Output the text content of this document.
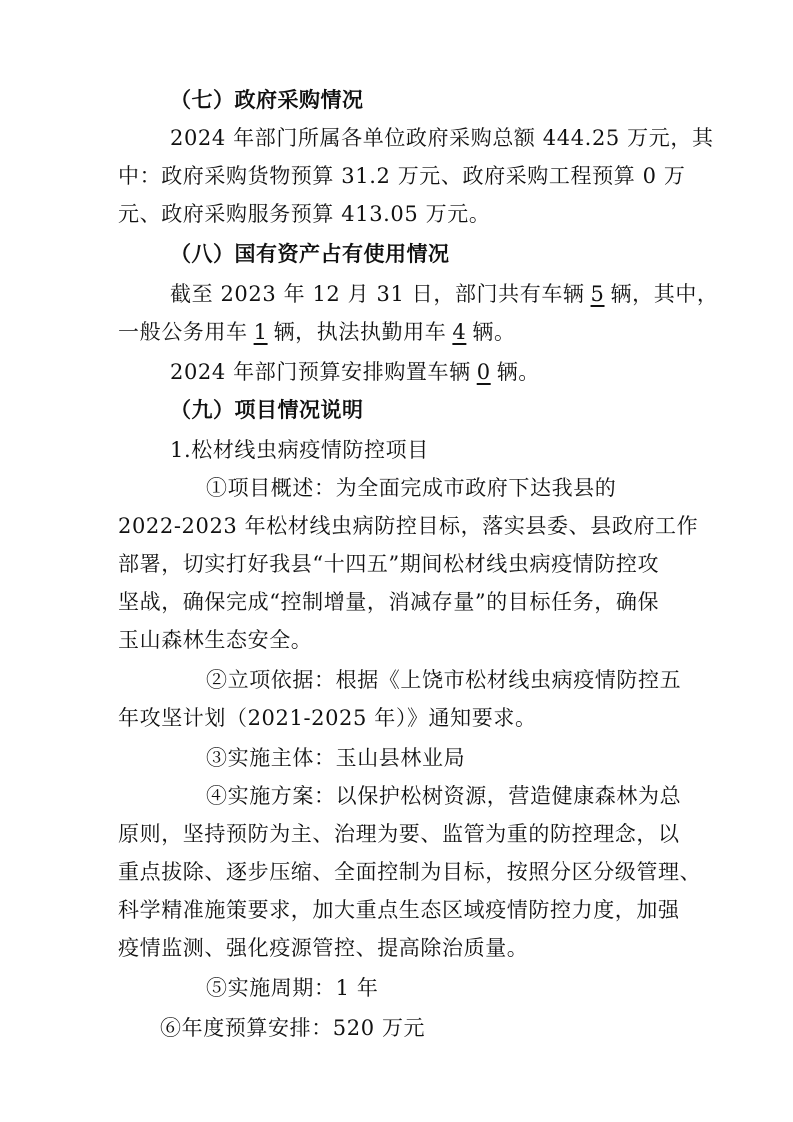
（七）政府采购情况
2024 年部门所属各单位政府采购总额 444.25 万元，其
中：政府采购货物预算 31.2 万元、政府采购工程预算 0 万
元、政府采购服务预算 413.05 万元。
（八）国有资产占有使用情况
截至 2023 年 12 月 31 日，部门共有车辆 5 辆，其中，
一般公务用车 1 辆，执法执勤用车 4 辆。
2024 年部门预算安排购置车辆 0 辆。
（九）项目情况说明
1.松材线虫病疫情防控项目
①项目概述：为全面完成市政府下达我县的
2022-2023 年松材线虫病防控目标，落实县委、县政府工作
部署，切实打好我县“十四五”期间松材线虫病疫情防控攻
坚战，确保完成“控制增量，消减存量”的目标任务，确保
玉山森林生态安全。
②立项依据：根据《上饶市松材线虫病疫情防控五
年攻坚计划（2021-2025 年）》通知要求。
③实施主体：玉山县林业局
④实施方案：以保护松树资源，营造健康森林为总
原则，坚持预防为主、治理为要、监管为重的防控理念，以
重点拔除、逐步压缩、全面控制为目标，按照分区分级管理、
科学精准施策要求，加大重点生态区域疫情防控力度，加强
疫情监测、强化疫源管控、提高除治质量。
⑤实施周期：1 年
⑥年度预算安排：520 万元
